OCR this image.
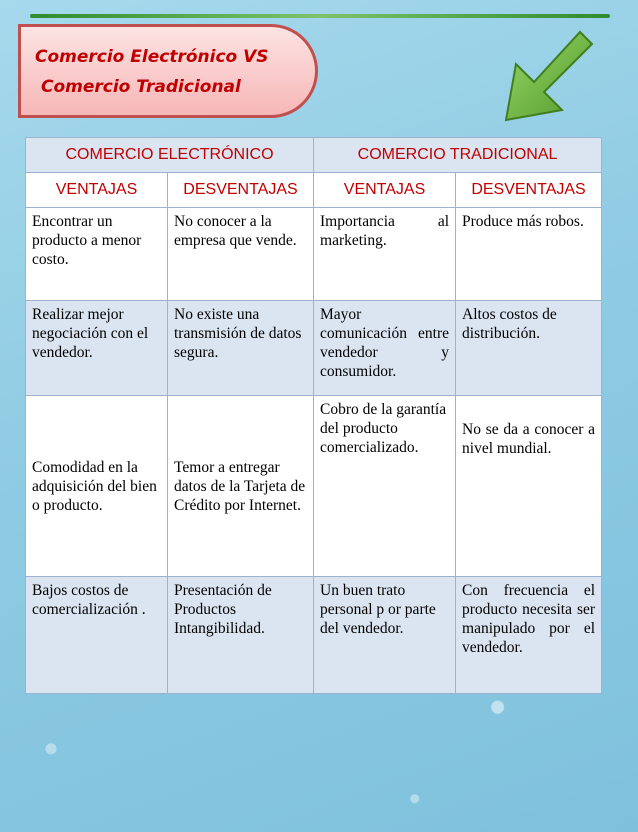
Comercio Electrónico VS
Comercio Tradicional
COMERCIO ELECTRÓNICO		COMERCIO TRADICIONAL	
VENTAJAS	DESVENTAJAS	VENTAJAS	DESVENTAJAS
Encontrar un producto a menor costo.	No conocer a la empresa que vende.	Importancia al marketing.	Produce más robos.
Realizar mejor negociación con el vendedor.	No existe una transmisión de datos segura.	Mayor comunicación entre vendedor y consumidor.	Altos costos de distribución.
Comodidad en la adquisición del bien o producto.	Temor a entregar datos de la Tarjeta de Crédito por Internet.	Cobro de la garantía del producto comercializado.	No se da a conocer a nivel mundial.
Bajos costos de comercialización .	Presentación de Productos Intangibilidad.	Un buen trato personal p or parte del vendedor.	Con frecuencia el producto necesita ser manipulado por el vendedor.
